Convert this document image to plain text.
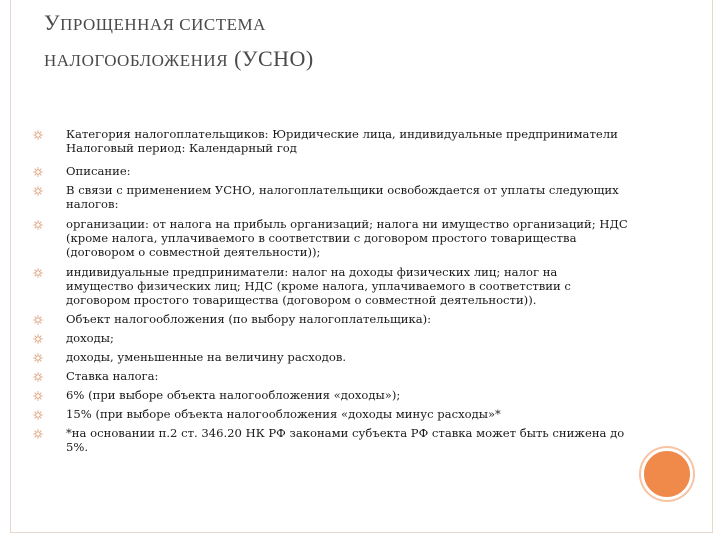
УПРОЩЕННАЯ СИСТЕМА
НАЛОГООБЛОЖЕНИЯ (УСНО)
Категория налогоплательщиков: Юридические лица, индивидуальные предприниматели Налоговый период: Календарный год
Описание:
В связи с применением УСНО, налогоплательщики освобождается от уплаты следующих налогов:
организации: от налога на прибыль организаций; налога ни имущество организаций; НДС (кроме налога, уплачиваемого в соответствии с договором простого товарищества (договором о совместной деятельности));
индивидуальные предприниматели: налог на доходы физических лиц; налог на имущество физических лиц; НДС (кроме налога, уплачиваемого в соответствии с договором простого товарищества (договором о совместной деятельности)).
Объект налогообложения (по выбору налогоплательщика):
доходы;
доходы, уменьшенные на величину расходов.
Ставка налога:
6% (при выборе объекта налогообложения «доходы»);
15% (при выборе объекта налогообложения «доходы минус расходы»*
*на основании п.2 ст. 346.20 НК РФ законами субъекта РФ ставка может быть снижена до 5%.
